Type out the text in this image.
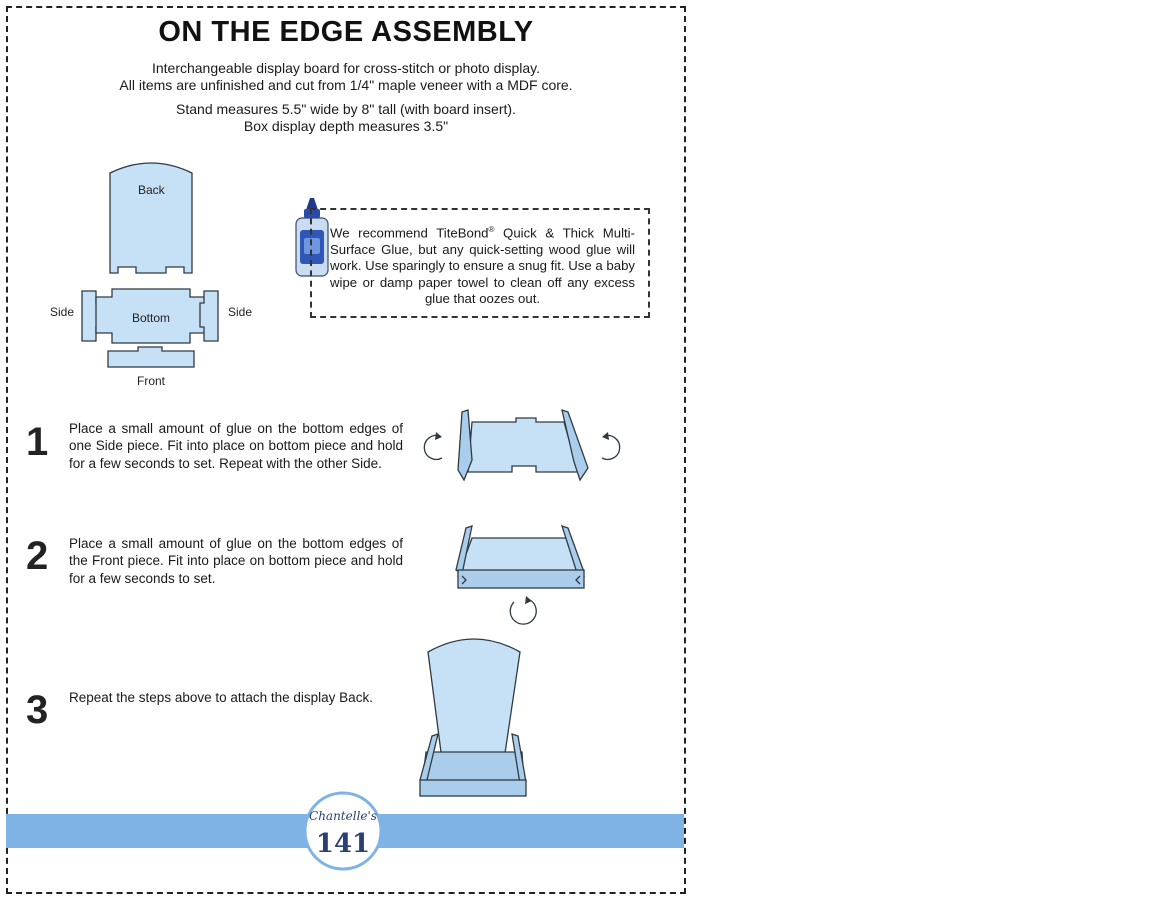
ON THE EDGE ASSEMBLY
Interchangeable display board for cross-stitch or photo display.
All items are unfinished and cut from 1/4" maple veneer with a MDF core.
Stand measures 5.5" wide by 8" tall (with board insert).
Box display depth measures 3.5"
Back
Side	Bottom	Side
Front
We recommend TiteBond® Quick & Thick Multi-Surface Glue, but any quick-setting wood glue will work. Use sparingly to ensure a snug fit. Use a baby wipe or damp paper towel to clean off any excess glue that oozes out.
1 Place a small amount of glue on the bottom edges of one Side piece. Fit into place on bottom piece and hold for a few seconds to set. Repeat with the other Side.
2 Place a small amount of glue on the bottom edges of the Front piece. Fit into place on bottom piece and hold for a few seconds to set.
3 Repeat the steps above to attach the display Back.
Chantelle's
141
